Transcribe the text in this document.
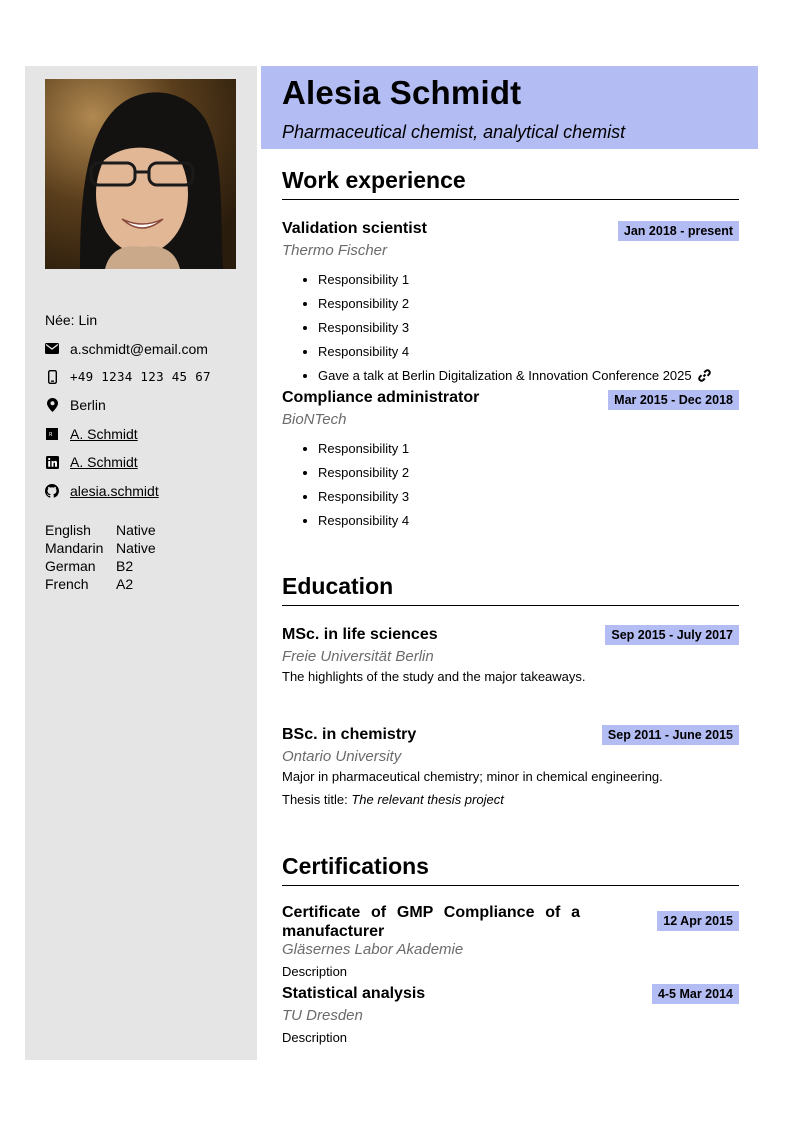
Née: Lin
a.schmidt@email.com
+49 1234 123 45 67
Berlin
R A. Schmidt
A. Schmidt
alesia.schmidt
English	Native
Mandarin Native
German	B2
French	A2
Alesia Schmidt
Pharmaceutical chemist, analytical chemist
Work experience
Validation scientist	Jan 2018 - present
Thermo Fischer
• Responsibility 1
• Responsibility 2
• Responsibility 3
• Responsibility 4
• Gave a talk at Berlin Digitalization & Innovation Conference 2025
Compliance administrator	Mar 2015 - Dec 2018
BioNTech
• Responsibility 1
• Responsibility 2
• Responsibility 3
• Responsibility 4
Education
MSc. in life sciences	Sep 2015 - July 2017
Freie Universität Berlin
The highlights of the study and the major takeaways.
BSc. in chemistry	Sep 2011 - June 2015
Ontario University
Major in pharmaceutical chemistry; minor in chemical engineering.
Thesis title: The relevant thesis project
Certifications
Certificate of GMP Compliance of a manufacturer
12 Apr 2015
Gläsernes Labor Akademie
Description
Statistical analysis	4-5 Mar 2014
TU Dresden
Description
